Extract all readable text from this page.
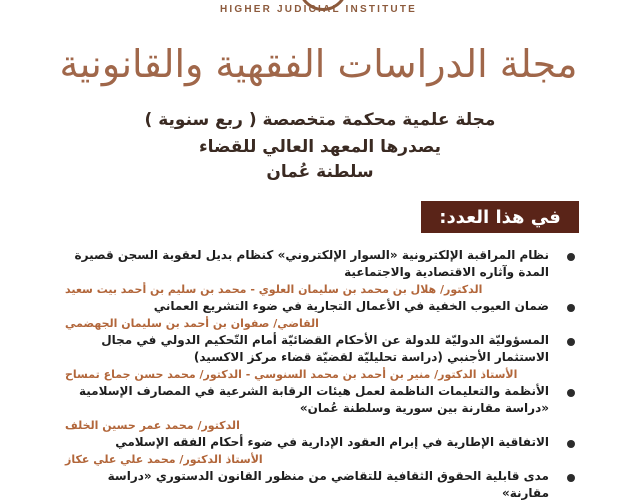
HIGHER JUDICIAL INSTITUTE
مجلة الدراسات الفقهية والقانونية
مجلة علمية محكمة متخصصة ( ربع سنوية )
يصدرها المعهد العالي للقضاء
سلطنة عُمان
في هذا العدد:
نظام المراقبة الإلكترونية «السوار الإلكتروني» كنظام بديل لعقوبة السجن قصيرة المدة وآثاره الاقتصادية والاجتماعية
الدكتور/ هلال بن محمد بن سليمان العلوي - محمد بن سليم بن أحمد بيت سعيد
ضمان العيوب الخفية في الأعمال التجارية في ضوء التشريع العماني
القاضي/ صفوان بن أحمد بن سليمان الجهضمي
المسؤوليّة الدوليّة للدولة عن الأحكام القضائيّة أمام التّحكيم الدولي في مجال الاستثمار الأجنبي (دراسة تحليليّة لقضيّة قضاء مركز الاكسيد)
الأستاذ الدكتور/ منير بن أحمد بن محمد السنوسي - الدكتور/ محمد حسن جماع تمساح
الأنظمة والتعليمات الناظمة لعمل هيئات الرقابة الشرعية في المصارف الإسلامية «دراسة مقارنة بين سورية وسلطنة عُمان»
الدكتور/ محمد عمر حسين الخلف
الاتفاقية الإطارية في إبرام العقود الإدارية في ضوء أحكام الفقه الإسلامي
الأستاذ الدكتور/ محمد علي علي عكاز
مدى قابلية الحقوق الثقافية للتقاضي من منظور القانون الدستوري «دراسة مقارنة»
